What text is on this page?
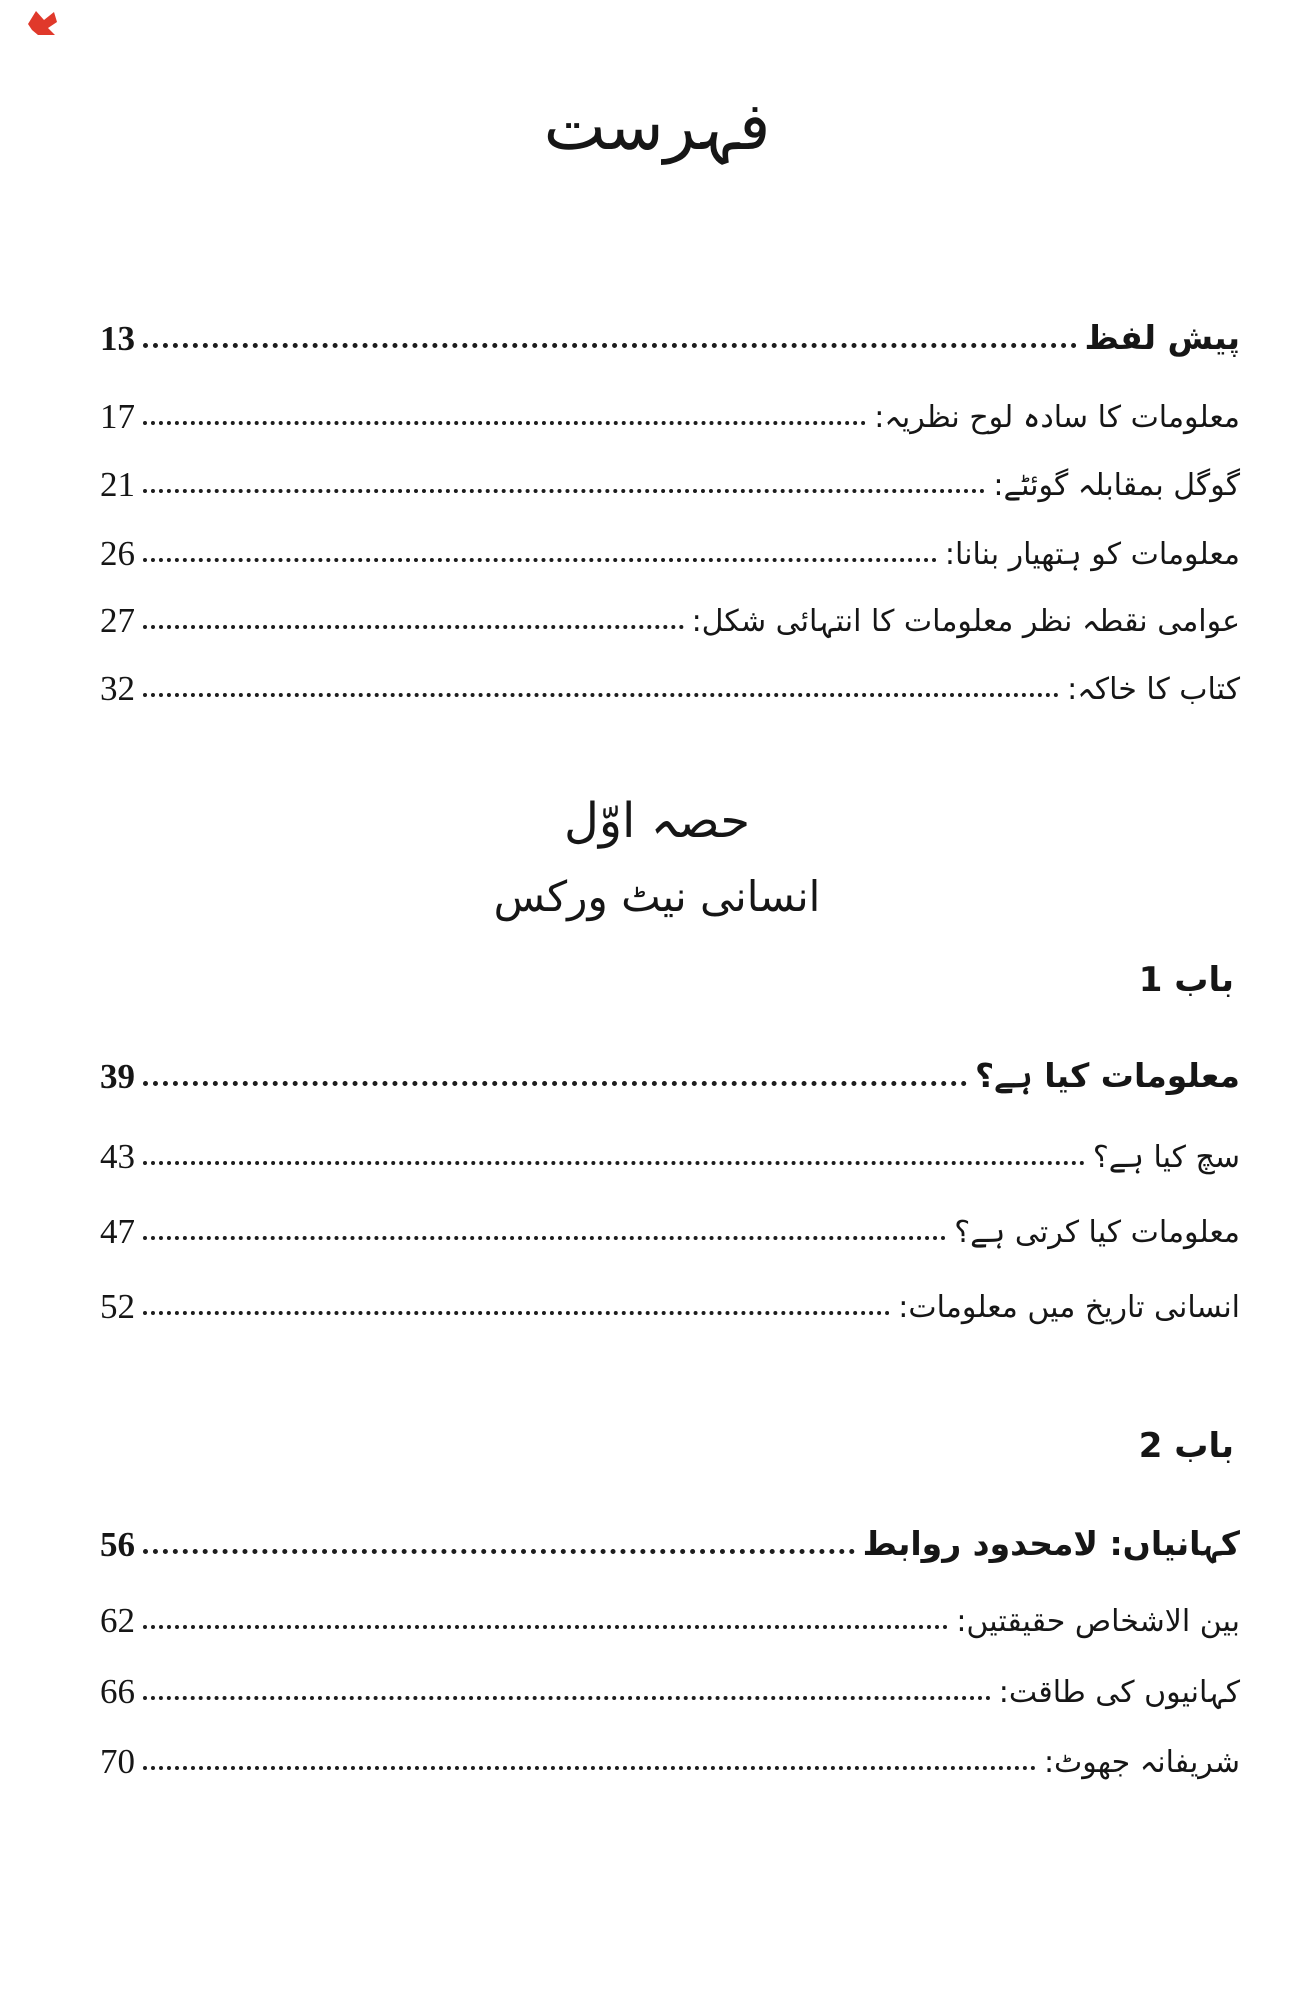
فہرست
پیش لفظ
13
معلومات کا سادہ لوح نظریہ:
17
گوگل بمقابلہ گوئٹے:
21
معلومات کو ہتھیار بنانا:
26
عوامی نقطہ نظر معلومات کا انتہائی شکل:
27
کتاب کا خاکہ:
32
حصہ اوّل
انسانی نیٹ ورکس
باب 1
معلومات کیا ہے؟
39
سچ کیا ہے؟
43
معلومات کیا کرتی ہے؟
47
انسانی تاریخ میں معلومات:
52
باب 2
کہانیاں: لامحدود روابط
56
بین الاشخاص حقیقتیں:
62
کہانیوں کی طاقت:
66
شریفانہ جھوٹ:
70
